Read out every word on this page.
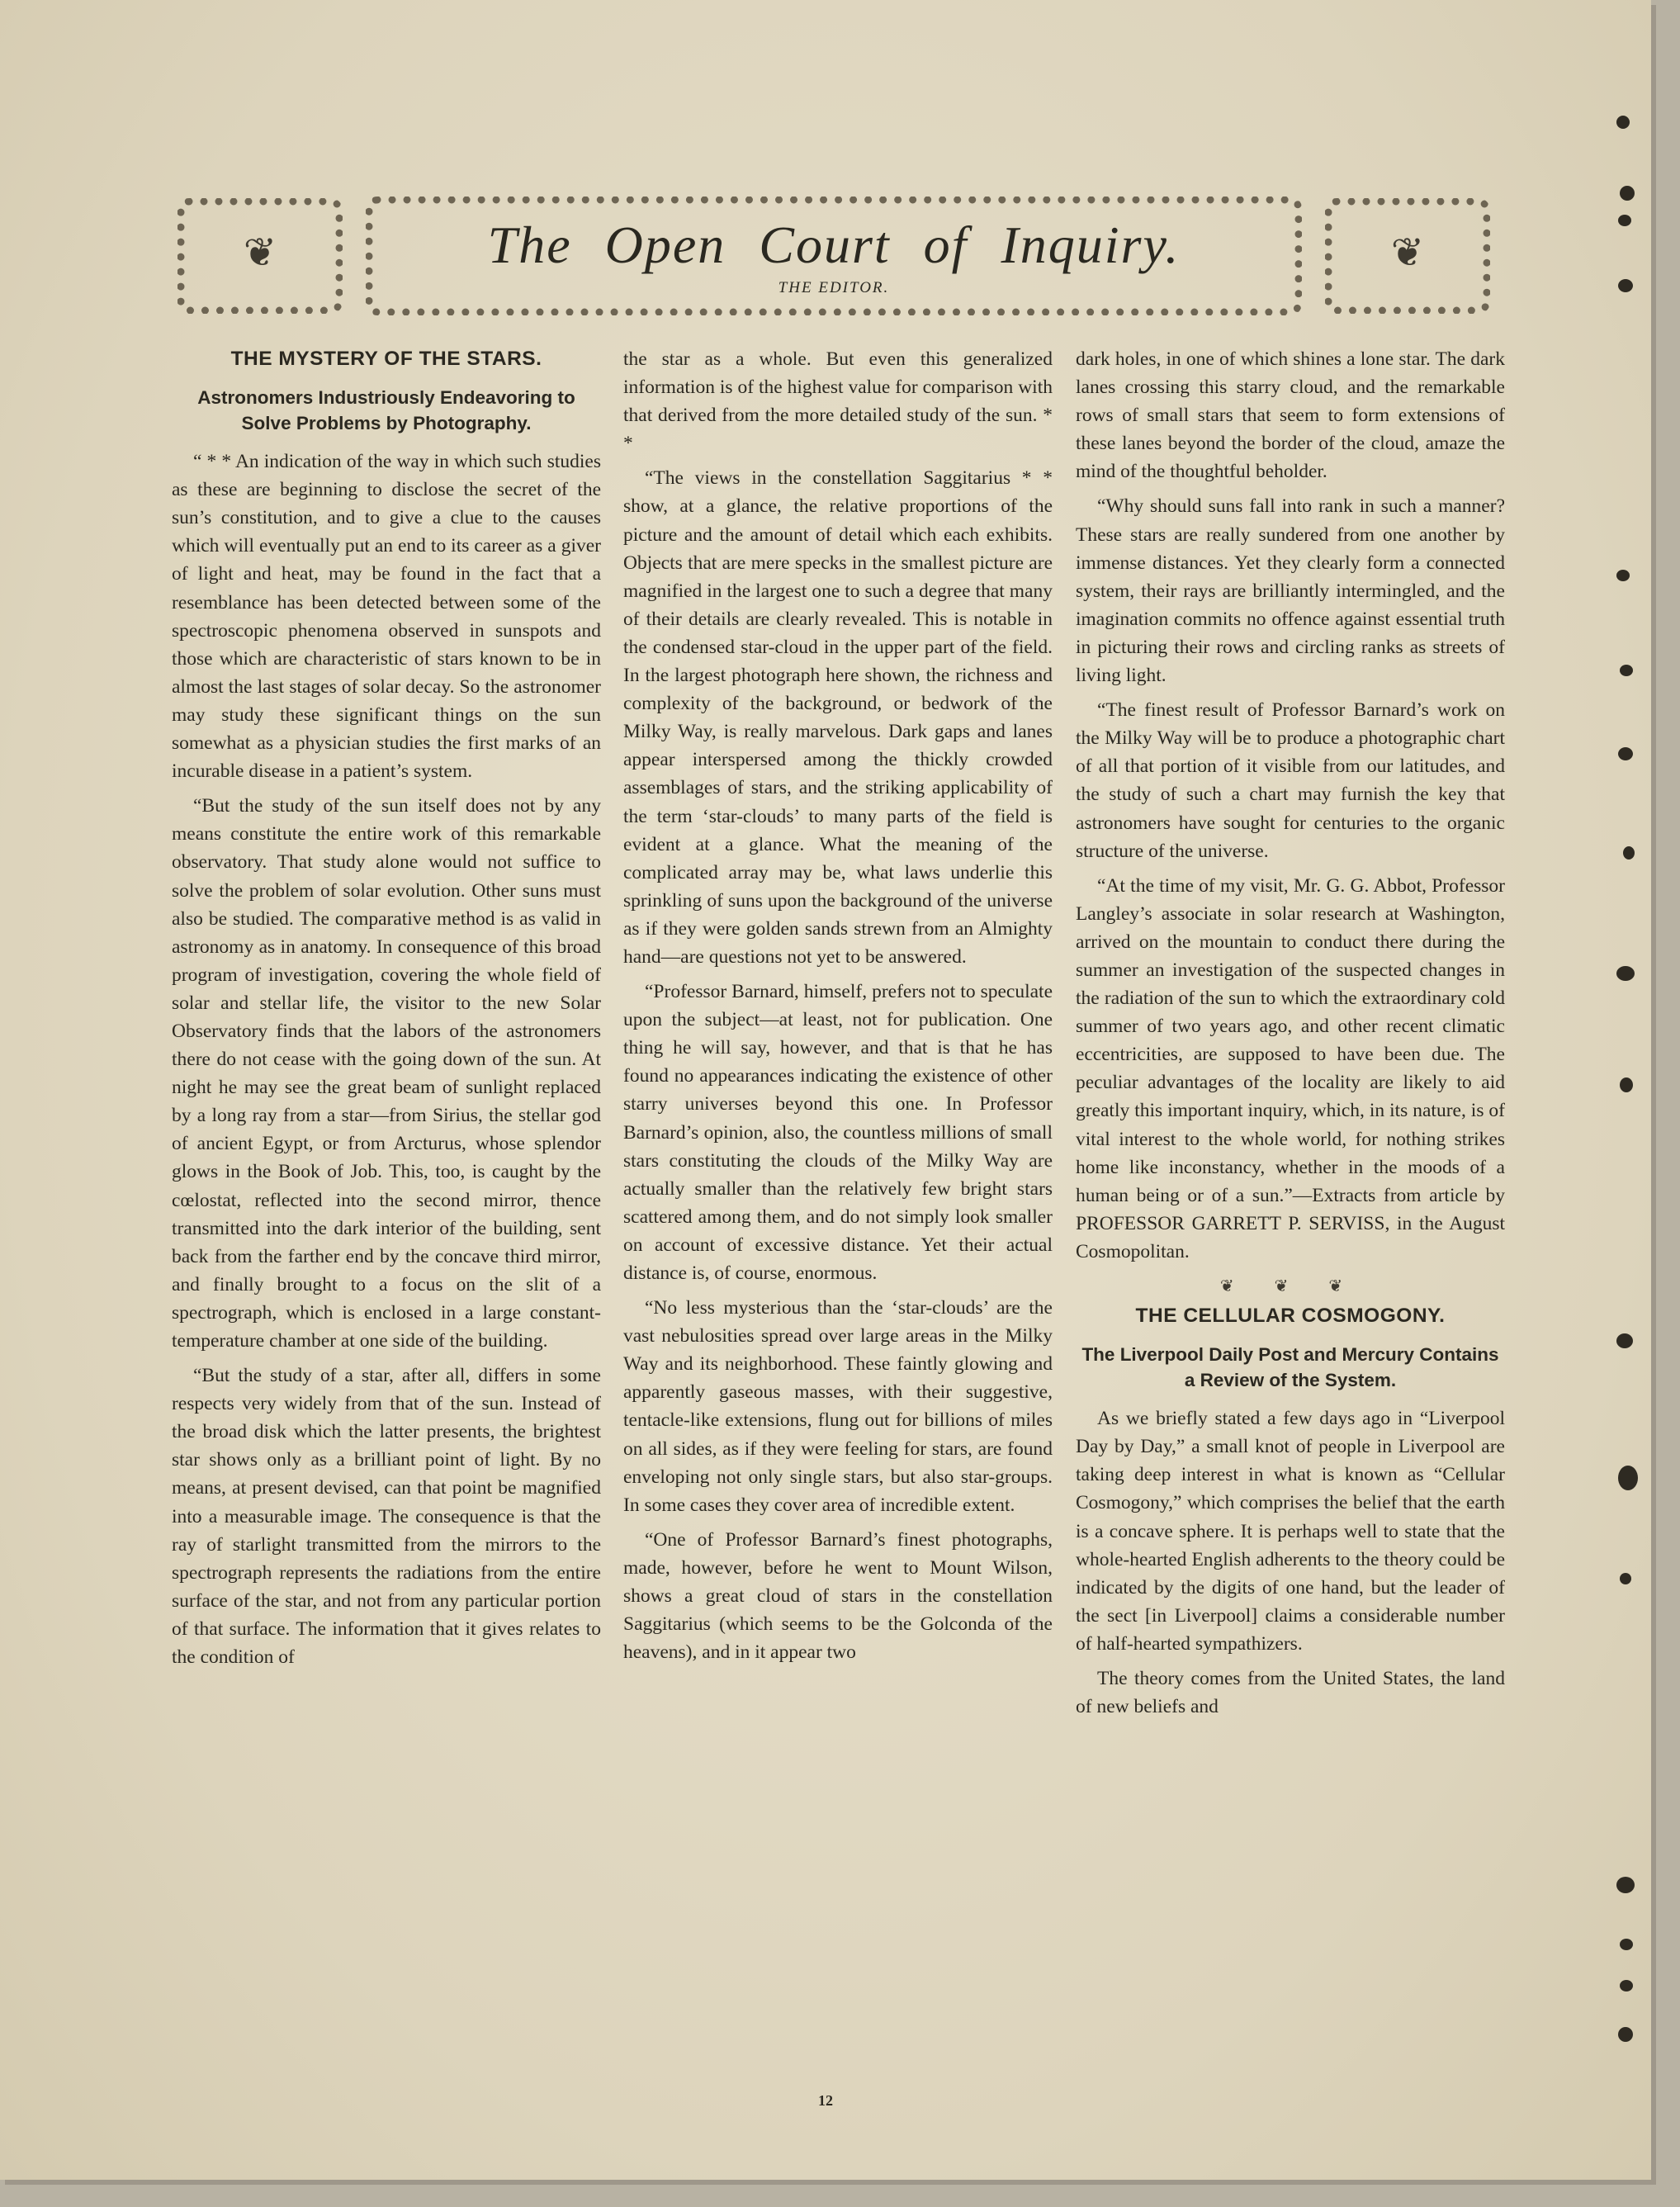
❦	The Open Court of Inquiry.
THE EDITOR.
❦
THE MYSTERY OF THE STARS.
Astronomers Industriously Endeavoring to Solve Problems by Photography.

“ * * An indication of the way in which such studies as these are beginning to disclose the secret of the sun’s constitution, and to give a clue to the causes which will eventually put an end to its career as a giver of light and heat, may be found in the fact that a resemblance has been detected between some of the spectroscopic phenomena observed in sunspots and those which are characteristic of stars known to be in almost the last stages of solar decay. So the astronomer may study these significant things on the sun somewhat as a physician studies the first marks of an incurable disease in a patient’s system.

“But the study of the sun itself does not by any means constitute the entire work of this remarkable observatory. That study alone would not suffice to solve the problem of solar evolution. Other suns must also be studied. The comparative method is as valid in astronomy as in anatomy. In consequence of this broad program of investigation, covering the whole field of solar and stellar life, the visitor to the new Solar Observatory finds that the labors of the astronomers there do not cease with the going down of the sun. At night he may see the great beam of sunlight replaced by a long ray from a star—from Sirius, the stellar god of ancient Egypt, or from Arcturus, whose splendor glows in the Book of Job. This, too, is caught by the cœlostat, reflected into the second mirror, thence transmitted into the dark interior of the building, sent back from the farther end by the concave third mirror, and finally brought to a focus on the slit of a spectrograph, which is enclosed in a large constant-temperature chamber at one side of the building.

“But the study of a star, after all, differs in some respects very widely from that of the sun. Instead of the broad disk which the latter presents, the brightest star shows only as a brilliant point of light. By no means, at present devised, can that point be magnified into a measurable image. The consequence is that the ray of starlight transmitted from the mirrors to the spectrograph represents the radiations from the entire surface of the star, and not from any particular portion of that surface. The information that it gives relates to the condition of

the star as a whole. But even this generalized information is of the highest value for comparison with that derived from the more detailed study of the sun. * *

“The views in the constellation Saggitarius * * show, at a glance, the relative proportions of the picture and the amount of detail which each exhibits. Objects that are mere specks in the smallest picture are magnified in the largest one to such a degree that many of their details are clearly revealed. This is notable in the condensed star-cloud in the upper part of the field. In the largest photograph here shown, the richness and complexity of the background, or bedwork of the Milky Way, is really marvelous. Dark gaps and lanes appear interspersed among the thickly crowded assemblages of stars, and the striking applicability of the term ‘star-clouds’ to many parts of the field is evident at a glance. What the meaning of the complicated array may be, what laws underlie this sprinkling of suns upon the background of the universe as if they were golden sands strewn from an Almighty hand—are questions not yet to be answered.

“Professor Barnard, himself, prefers not to speculate upon the subject—at least, not for publication. One thing he will say, however, and that is that he has found no appearances indicating the existence of other starry universes beyond this one. In Professor Barnard’s opinion, also, the countless millions of small stars constituting the clouds of the Milky Way are actually smaller than the relatively few bright stars scattered among them, and do not simply look smaller on account of excessive distance. Yet their actual distance is, of course, enormous.

“No less mysterious than the ‘star-clouds’ are the vast nebulosities spread over large areas in the Milky Way and its neighborhood. These faintly glowing and apparently gaseous masses, with their suggestive, tentacle-like extensions, flung out for billions of miles on all sides, as if they were feeling for stars, are found enveloping not only single stars, but also star-groups. In some cases they cover area of incredible extent.

“One of Professor Barnard’s finest photographs, made, however, before he went to Mount Wilson, shows a great cloud of stars in the constellation Saggitarius (which seems to be the Golconda of the heavens), and in it appear two

dark holes, in one of which shines a lone star. The dark lanes crossing this starry cloud, and the remarkable rows of small stars that seem to form extensions of these lanes beyond the border of the cloud, amaze the mind of the thoughtful beholder.

“Why should suns fall into rank in such a manner? These stars are really sundered from one another by immense distances. Yet they clearly form a connected system, their rays are brilliantly intermingled, and the imagination commits no offence against essential truth in picturing their rows and circling ranks as streets of living light.

“The finest result of Professor Barnard’s work on the Milky Way will be to produce a photographic chart of all that portion of it visible from our latitudes, and the study of such a chart may furnish the key that astronomers have sought for centuries to the organic structure of the universe.

“At the time of my visit, Mr. G. G. Abbot, Professor Langley’s associate in solar research at Washington, arrived on the mountain to conduct there during the summer an investigation of the suspected changes in the radiation of the sun to which the extraordinary cold summer of two years ago, and other recent climatic eccentricities, are supposed to have been due. The peculiar advantages of the locality are likely to aid greatly this important inquiry, which, in its nature, is of vital interest to the whole world, for nothing strikes home like inconstancy, whether in the moods of a human being or of a sun.”—Extracts from article by PROFESSOR GARRETT P. SERVISS, in the August Cosmopolitan.

❦ ❦ ❦
THE CELLULAR COSMOGONY.
The Liverpool Daily Post and Mercury Contains a Review of the System.

As we briefly stated a few days ago in “Liverpool Day by Day,” a small knot of people in Liverpool are taking deep interest in what is known as “Cellular Cosmogony,” which comprises the belief that the earth is a concave sphere. It is perhaps well to state that the whole-hearted English adherents to the theory could be indicated by the digits of one hand, but the leader of the sect [in Liverpool] claims a considerable number of half-hearted sympathizers.

The theory comes from the United States, the land of new beliefs and

12
